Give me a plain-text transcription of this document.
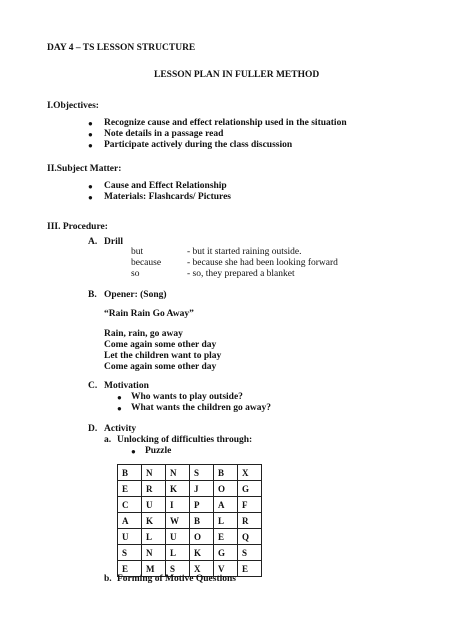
DAY 4 – TS LESSON STRUCTURE
LESSON PLAN IN FULLER METHOD
I.Objectives:
● Recognize cause and effect relationship used in the situation
● Note details in a passage read
● Participate actively during the class discussion
II.Subject Matter:
● Cause and Effect Relationship
● Materials: Flashcards/ Pictures
III. Procedure:
A. Drill
but	- but it started raining outside.
because	- because she had been looking forward
so	- so, they prepared a blanket
B. Opener: (Song)
“Rain Rain Go Away”
Rain, rain, go away
Come again some other day
Let the children want to play
Come again some other day
C. Motivation
● Who wants to play outside?
● What wants the children go away?
D. Activity
a. Unlocking of difficulties through:
● Puzzle
B	N	N	S	B	X
E	R	K	J	O	G
C	U	I	P	A	F
A	K	W	B	L	R
U	L	U	O	E	Q
S	N	L	K	G	S
E	M	S	X	V	E
b. Forming of Motive Questions
